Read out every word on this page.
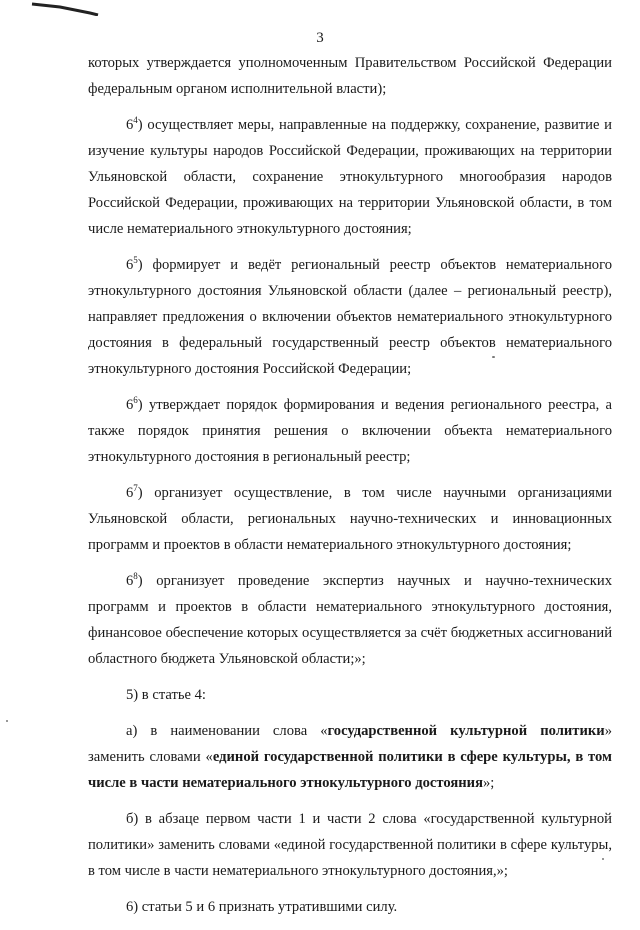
3

которых утверждается уполномоченным Правительством Российской Федерации федеральным органом исполнительной власти);

$6^4$) осуществляет меры, направленные на поддержку, сохранение, развитие и изучение культуры народов Российской Федерации, проживающих на территории Ульяновской области, сохранение этнокультурного многообразия народов Российской Федерации, проживающих на территории Ульяновской области, в том числе нематериального этнокультурного достояния;

$6^5$) формирует и ведёт региональный реестр объектов нематериального этнокультурного достояния Ульяновской области (далее – региональный реестр), направляет предложения о включении объектов нематериального этнокультурного достояния в федеральный государственный реестр объектов нематериального этнокультурного достояния Российской Федерации;

$6^6$) утверждает порядок формирования и ведения регионального реестра, а также порядок принятия решения о включении объекта нематериального этнокультурного достояния в региональный реестр;

$6^7$) организует осуществление, в том числе научными организациями Ульяновской области, региональных научно-технических и инновационных программ и проектов в области нематериального этнокультурного достояния;

$6^8$) организует проведение экспертиз научных и научно-технических программ и проектов в области нематериального этнокультурного достояния, финансовое обеспечение которых осуществляется за счёт бюджетных ассигнований областного бюджета Ульяновской области;»;

5) в статье 4:

а) в наименовании слова «государственной культурной политики» заменить словами «единой государственной политики в сфере культуры, в том числе в части нематериального этнокультурного достояния»;

б) в абзаце первом части 1 и части 2 слова «государственной культурной политики» заменить словами «единой государственной политики в сфере культуры, в том числе в части нематериального этнокультурного достояния,»;

6) статьи 5 и 6 признать утратившими силу.
